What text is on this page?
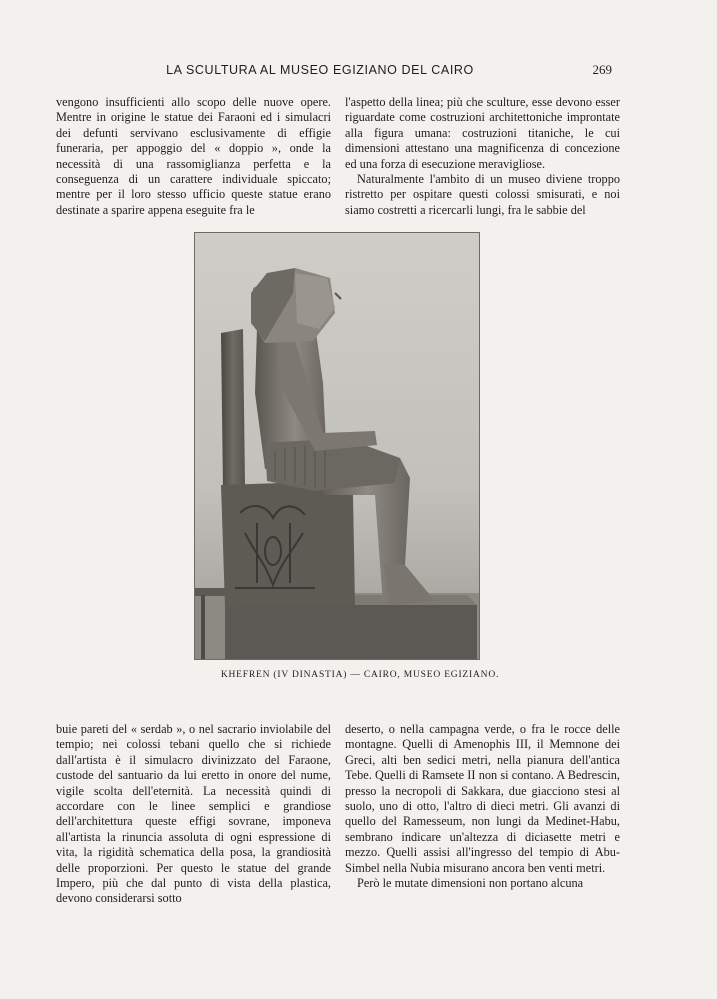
LA SCULTURA AL MUSEO EGIZIANO DEL CAIRO	269

vengono insufficienti allo scopo delle nuove opere. Mentre in origine le statue dei Faraoni ed i simulacri dei defunti servivano esclusivamente di effigie funeraria, per appoggio del « doppio », onde la necessità di una rassomiglianza perfetta e la conseguenza di un carattere individuale spiccato; mentre per il loro stesso ufficio queste statue erano destinate a sparire appena eseguite fra le

l'aspetto della linea; più che sculture, esse devono esser riguardate come costruzioni architettoniche improntate alla figura umana: costruzioni titaniche, le cui dimensioni attestano una magnificenza di concezione ed una forza di esecuzione meravigliose.

Naturalmente l'ambito di un museo diviene troppo ristretto per ospitare questi colossi smisurati, e noi siamo costretti a ricercarli lungi, fra le sabbie del

KHEFREN (IV DINASTIA) — CAIRO, MUSEO EGIZIANO.

buie pareti del « serdab », o nel sacrario inviolabile del tempio; nei colossi tebani quello che si richiede dall'artista è il simulacro divinizzato del Faraone, custode del santuario da lui eretto in onore del nume, vigile scolta dell'eternità. La necessità quindi di accordare con le linee semplici e grandiose dell'architettura queste effigi sovrane, imponeva all'artista la rinuncia assoluta di ogni espressione di vita, la rigidità schematica della posa, la grandiosità delle proporzioni. Per questo le statue del grande Impero, più che dal punto di vista della plastica, devono considerarsi sotto

deserto, o nella campagna verde, o fra le rocce delle montagne. Quelli di Amenophis III, il Memnone dei Greci, alti ben sedici metri, nella pianura dell'antica Tebe. Quelli di Ramsete II non si contano. A Bedrescin, presso la necropoli di Sakkara, due giacciono stesi al suolo, uno di otto, l'altro di dieci metri. Gli avanzi di quello del Ramesseum, non lungi da Medinet-Habu, sembrano indicare un'altezza di diciasette metri e mezzo. Quelli assisi all'ingresso del tempio di Abu-Simbel nella Nubia misurano ancora ben venti metri.

Però le mutate dimensioni non portano alcuna
